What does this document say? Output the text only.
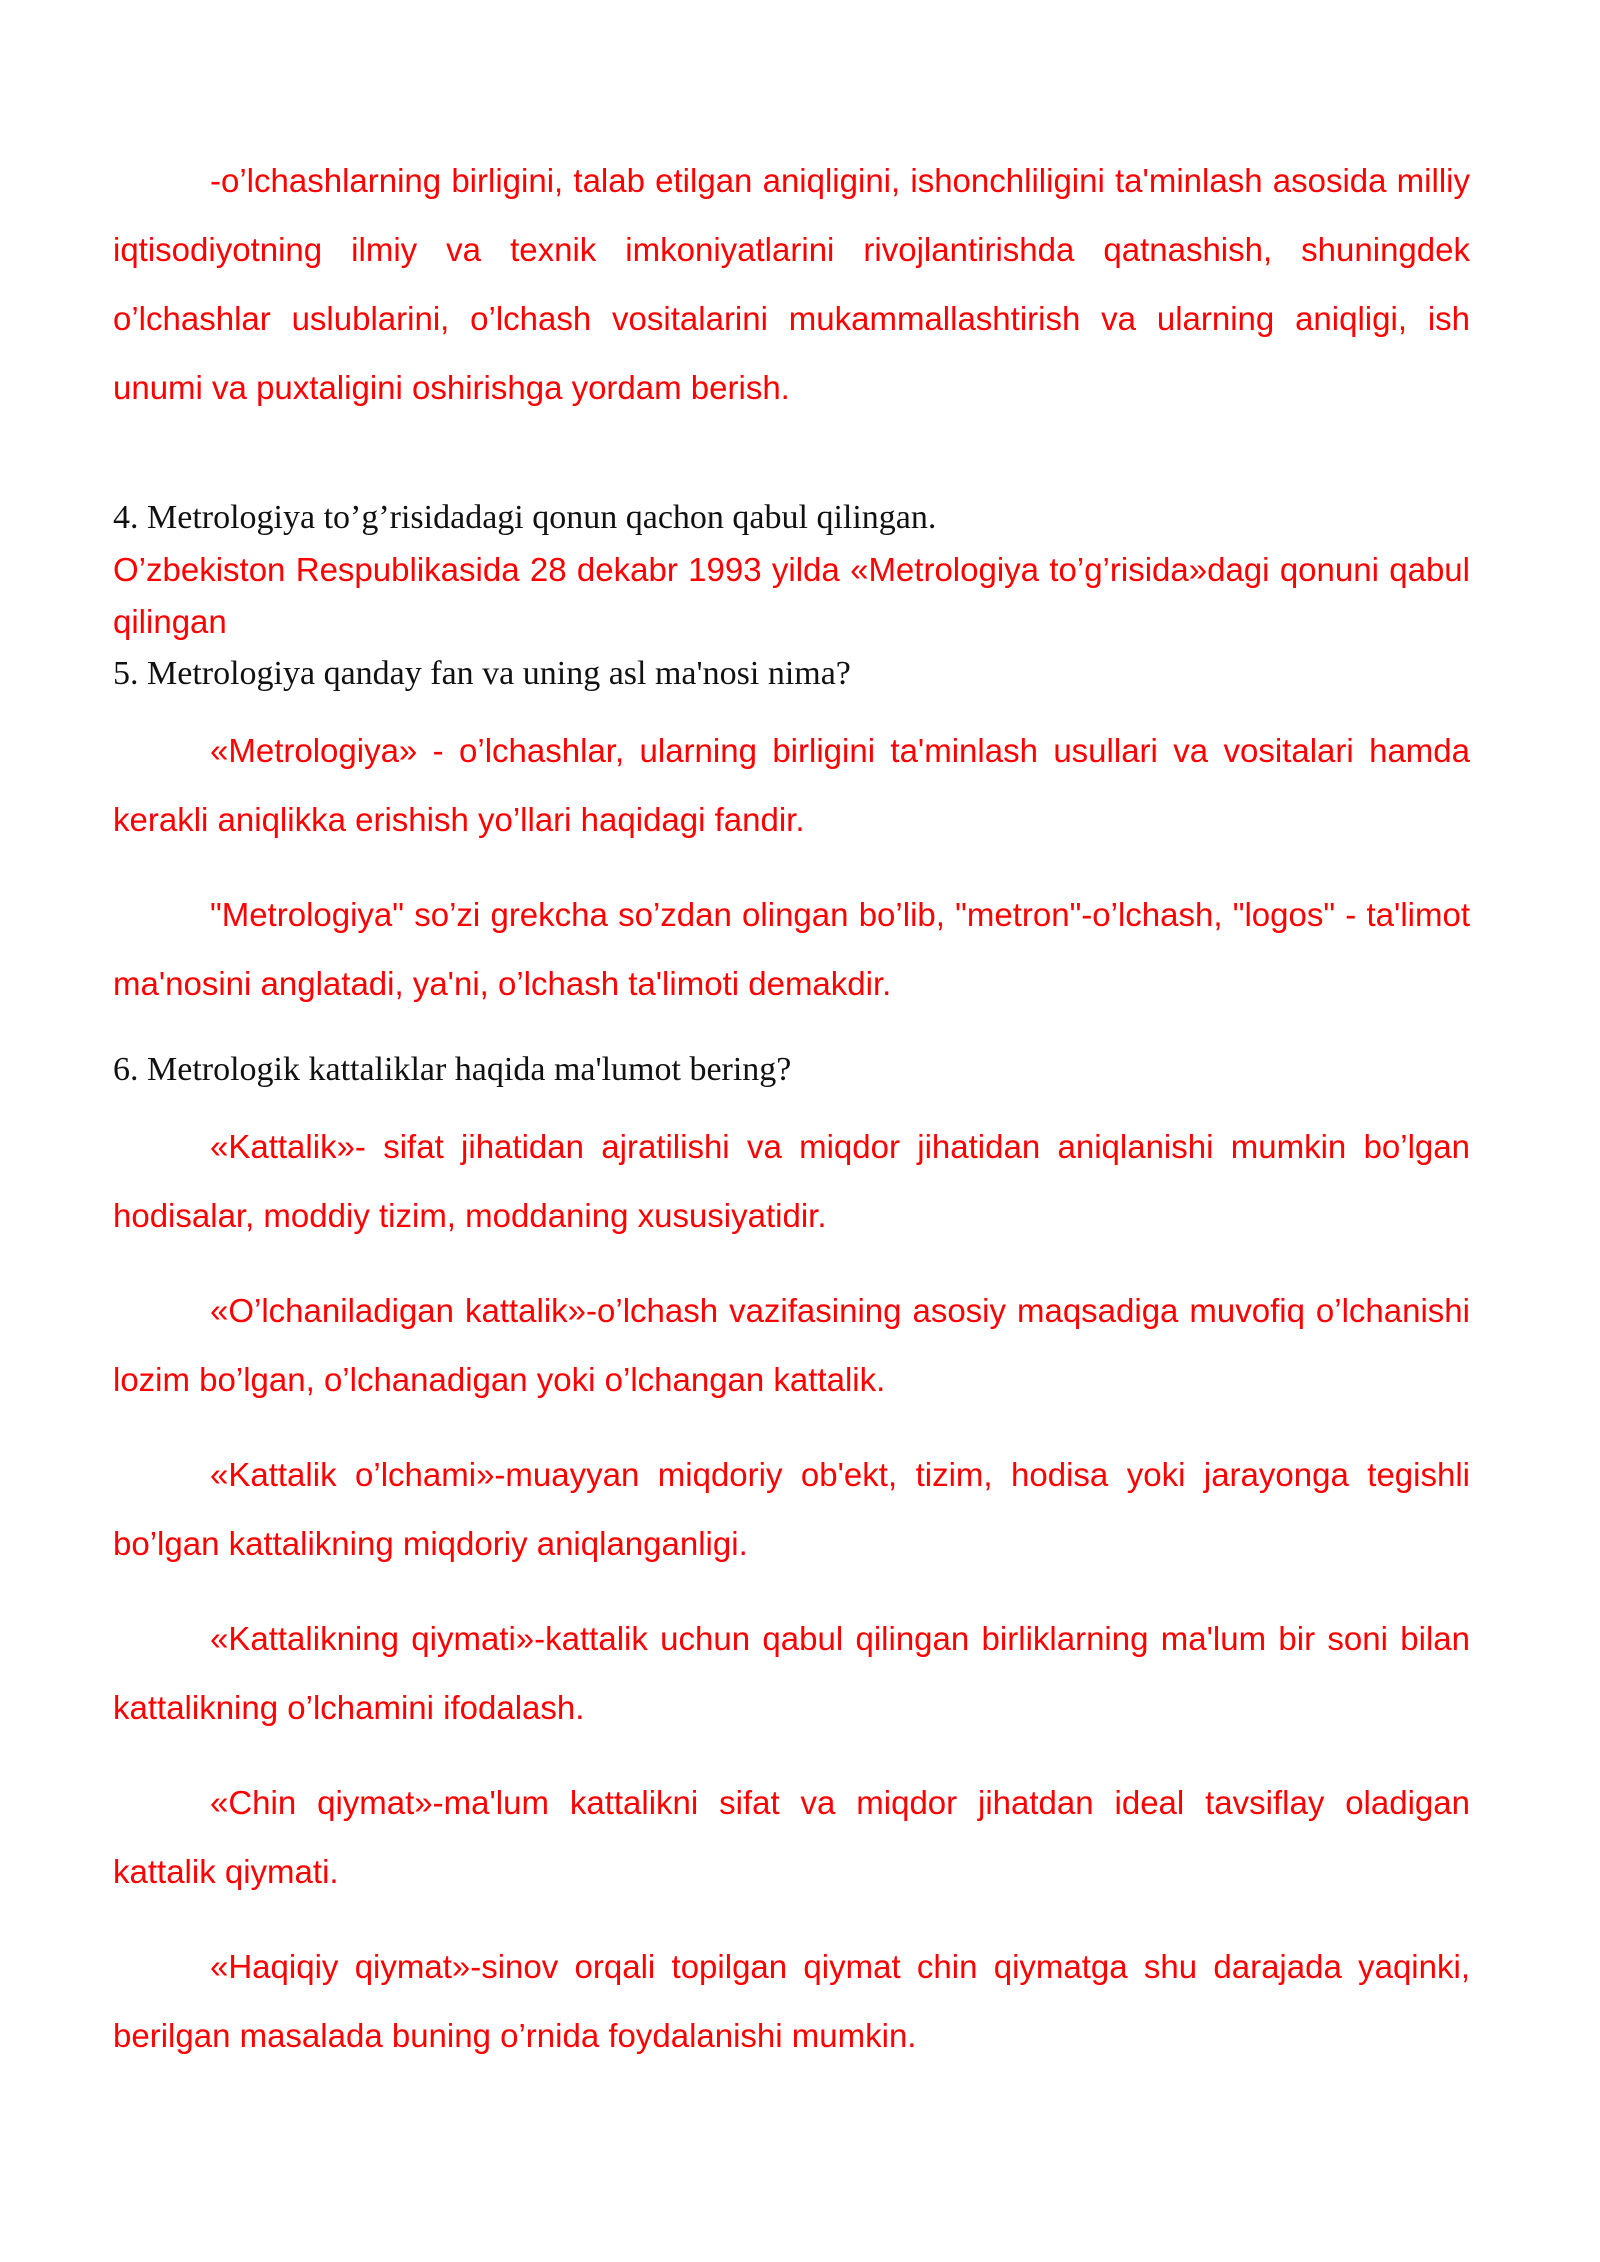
-o’lchashlarning birligini, talab etilgan aniqligini, ishonchliligini ta'minlash asosida milliy iqtisodiyotning ilmiy va texnik imkoniyatlarini rivojlantirishda qatnashish, shuningdek o’lchashlar uslublarini, o’lchash vositalarini mukammallashtirish va ularning aniqligi, ish unumi va puxtaligini oshirishga yordam berish.

4. Metrologiya to’g’risidadagi qonun qachon qabul qilingan.

O’zbekiston Respublikasida 28 dekabr 1993 yilda «Metrologiya to’g’risida»dagi qonuni qabul qilingan

5. Metrologiya qanday fan va uning asl ma'nosi nima?

«Metrologiya» - o’lchashlar, ularning birligini ta'minlash usullari va vositalari hamda kerakli aniqlikka erishish yo’llari haqidagi fandir.

"Metrologiya" so’zi grekcha so’zdan olingan bo’lib, "metron"-o’lchash, "logos" - ta'limot ma'nosini anglatadi, ya'ni, o’lchash ta'limoti demakdir.

6. Metrologik kattaliklar haqida ma'lumot bering?

«Kattalik»- sifat jihatidan ajratilishi va miqdor jihatidan aniqlanishi mumkin bo’lgan hodisalar, moddiy tizim, moddaning xususiyatidir.

«O’lchaniladigan kattalik»-o’lchash vazifasining asosiy maqsadiga muvofiq o’lchanishi lozim bo’lgan, o’lchanadigan yoki o’lchangan kattalik.

«Kattalik o’lchami»-muayyan miqdoriy ob'ekt, tizim, hodisa yoki jarayonga tegishli bo’lgan kattalikning miqdoriy aniqlanganligi.

«Kattalikning qiymati»-kattalik uchun qabul qilingan birliklarning ma'lum bir soni bilan kattalikning o’lchamini ifodalash.

«Chin qiymat»-ma'lum kattalikni sifat va miqdor jihatdan ideal tavsiflay oladigan kattalik qiymati.

«Haqiqiy qiymat»-sinov orqali topilgan qiymat chin qiymatga shu darajada yaqinki, berilgan masalada buning o’rnida foydalanishi mumkin.
